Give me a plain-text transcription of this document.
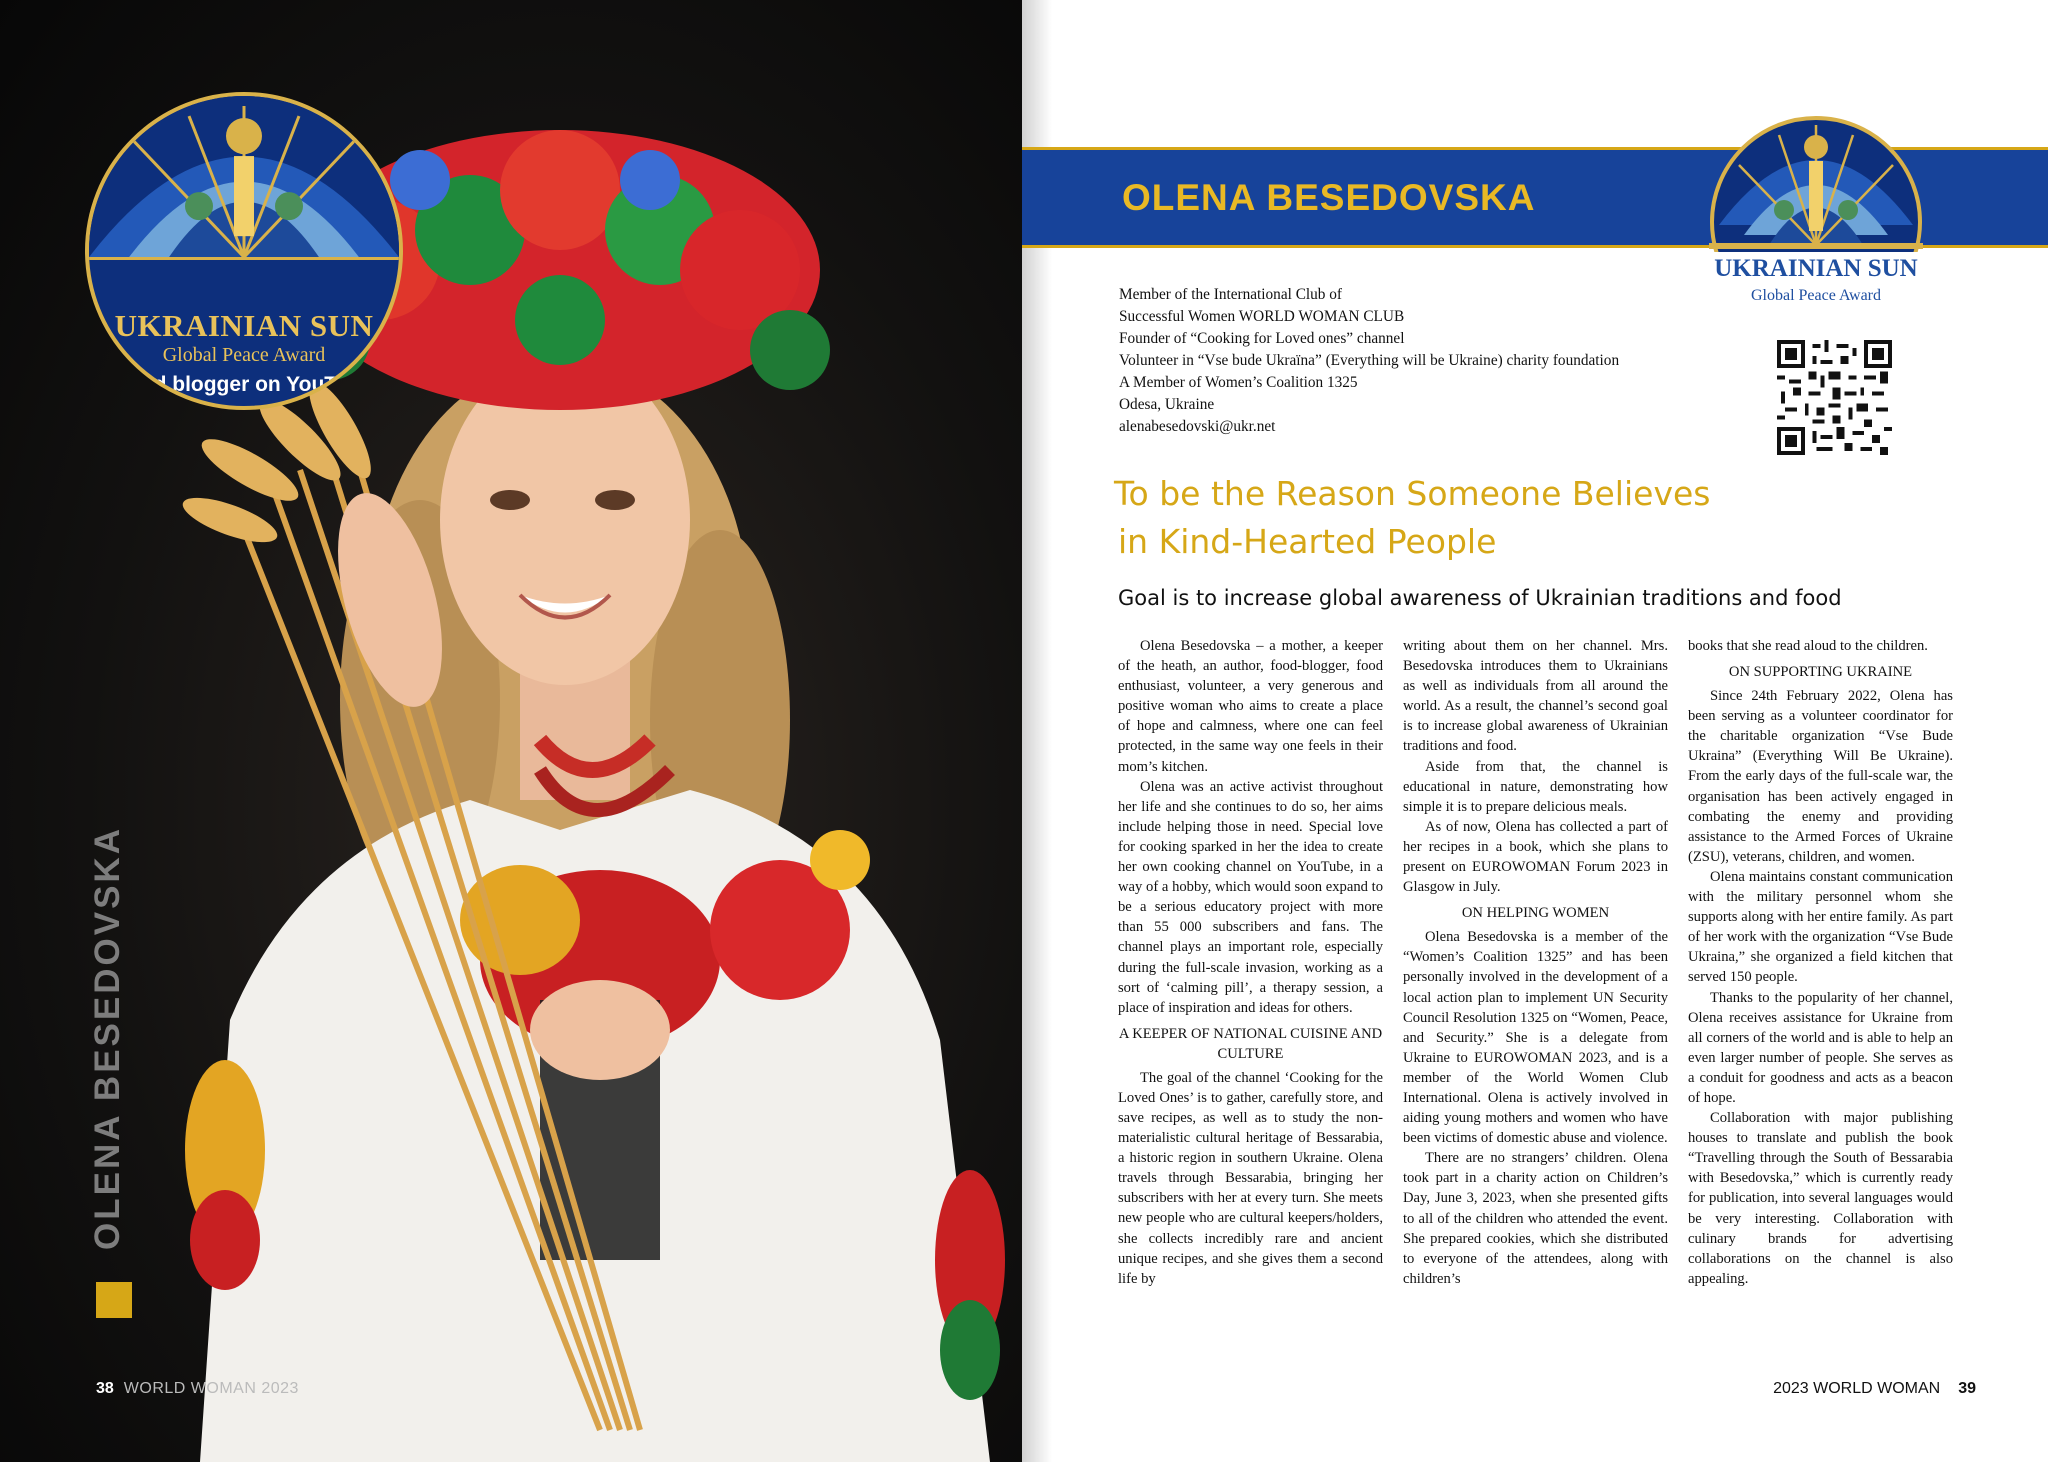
UKRAINIAN SUN
Global Peace Award
Food blogger on YouTube
OLENA BESEDOVSKA
38 WORLD WOMAN 2023
OLENA BESEDOVSKA
UKRAINIAN SUN
Global Peace Award
Member of the International Club of
Successful Women WORLD WOMAN CLUB
Founder of “Cooking for Loved ones” channel
Volunteer in “Vse bude Ukraïna” (Everything will be Ukraine) charity foundation
A Member of Women’s Coalition 1325
Odesa, Ukraine
alenabesedovski@ukr.net
To be the Reason Someone Believes
in Kind-Hearted People
Goal is to increase global awareness of Ukrainian traditions and food

Olena Besedovska – a mother, a keeper of the heath, an author, food-blogger, food enthusiast, volunteer, a very generous and positive woman who aims to create a place of hope and calmness, where one can feel protected, in the same way one feels in their mom’s kitchen.

Olena was an active activist throughout her life and she continues to do so, her aims include helping those in need. Special love for cooking sparked in her the idea to create her own cooking channel on YouTube, in a way of a hobby, which would soon expand to be a serious educatory project with more than 55 000 subscribers and fans. The channel plays an important role, especially during the full-scale invasion, working as a sort of ‘calming pill’, a therapy session, a place of inspiration and ideas for others.

A KEEPER OF NATIONAL CUISINE AND CULTURE

The goal of the channel ‘Cooking for the Loved Ones’ is to gather, carefully store, and save recipes, as well as to study the non-materialistic cultural heritage of Bessarabia, a historic region in southern Ukraine. Olena travels through Bessarabia, bringing her subscribers with her at every turn. She meets new people who are cultural keepers/holders, she collects incredibly rare and ancient unique recipes, and she gives them a second life by

writing about them on her channel. Mrs. Besedovska introduces them to Ukrainians as well as individuals from all around the world. As a result, the channel’s second goal is to increase global awareness of Ukrainian traditions and food.

Aside from that, the channel is educational in nature, demonstrating how simple it is to prepare delicious meals.

As of now, Olena has collected a part of her recipes in a book, which she plans to present on EUROWOMAN Forum 2023 in Glasgow in July.

ON HELPING WOMEN

Olena Besedovska is a member of the “Women’s Coalition 1325” and has been personally involved in the development of a local action plan to implement UN Security Council Resolution 1325 on “Women, Peace, and Security.” She is a delegate from Ukraine to EUROWOMAN 2023, and is a member of the World Women Club International. Olena is actively involved in aiding young mothers and women who have been victims of domestic abuse and violence.

There are no strangers’ children. Olena took part in a charity action on Children’s Day, June 3, 2023, when she presented gifts to all of the children who attended the event. She prepared cookies, which she distributed to everyone of the attendees, along with children’s

books that she read aloud to the children.

ON SUPPORTING UKRAINE

Since 24th February 2022, Olena has been serving as a volunteer coordinator for the charitable organization “Vse Bude Ukraina” (Everything Will Be Ukraine). From the early days of the full-scale war, the organisation has been actively engaged in combating the enemy and providing assistance to the Armed Forces of Ukraine (ZSU), veterans, children, and women.

Olena maintains constant communication with the military personnel whom she supports along with her entire family. As part of her work with the organization “Vse Bude Ukraina,” she organized a field kitchen that served 150 people.

Thanks to the popularity of her channel, Olena receives assistance for Ukraine from all corners of the world and is able to help an even larger number of people. She serves as a conduit for goodness and acts as a beacon of hope.

Collaboration with major publishing houses to translate and publish the book “Travelling through the South of Bessarabia with Besedovska,” which is currently ready for publication, into several languages would be very interesting. Collaboration with culinary brands for advertising collaborations on the channel is also appealing.

2023 WORLD WOMAN 39
